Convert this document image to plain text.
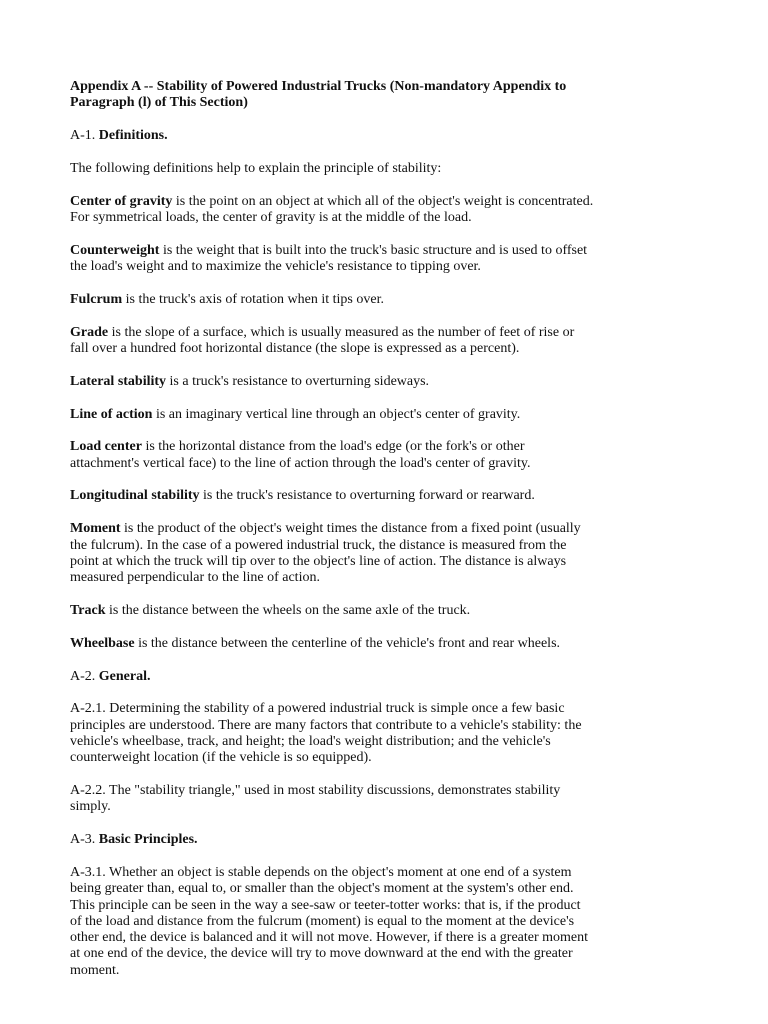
Appendix A -- Stability of Powered Industrial Trucks (Non-mandatory Appendix to
Paragraph (l) of This Section)

A-1. Definitions.

The following definitions help to explain the principle of stability:

Center of gravity is the point on an object at which all of the object's weight is concentrated.
For symmetrical loads, the center of gravity is at the middle of the load.

Counterweight is the weight that is built into the truck's basic structure and is used to offset
the load's weight and to maximize the vehicle's resistance to tipping over.

Fulcrum is the truck's axis of rotation when it tips over.

Grade is the slope of a surface, which is usually measured as the number of feet of rise or
fall over a hundred foot horizontal distance (the slope is expressed as a percent).

Lateral stability is a truck's resistance to overturning sideways.

Line of action is an imaginary vertical line through an object's center of gravity.

Load center is the horizontal distance from the load's edge (or the fork's or other
attachment's vertical face) to the line of action through the load's center of gravity.

Longitudinal stability is the truck's resistance to overturning forward or rearward.

Moment is the product of the object's weight times the distance from a fixed point (usually
the fulcrum). In the case of a powered industrial truck, the distance is measured from the
point at which the truck will tip over to the object's line of action. The distance is always
measured perpendicular to the line of action.

Track is the distance between the wheels on the same axle of the truck.

Wheelbase is the distance between the centerline of the vehicle's front and rear wheels.

A-2. General.

A-2.1. Determining the stability of a powered industrial truck is simple once a few basic
principles are understood. There are many factors that contribute to a vehicle's stability: the
vehicle's wheelbase, track, and height; the load's weight distribution; and the vehicle's
counterweight location (if the vehicle is so equipped).

A-2.2. The "stability triangle," used in most stability discussions, demonstrates stability
simply.

A-3. Basic Principles.

A-3.1. Whether an object is stable depends on the object's moment at one end of a system
being greater than, equal to, or smaller than the object's moment at the system's other end.
This principle can be seen in the way a see-saw or teeter-totter works: that is, if the product
of the load and distance from the fulcrum (moment) is equal to the moment at the device's
other end, the device is balanced and it will not move. However, if there is a greater moment
at one end of the device, the device will try to move downward at the end with the greater
moment.
